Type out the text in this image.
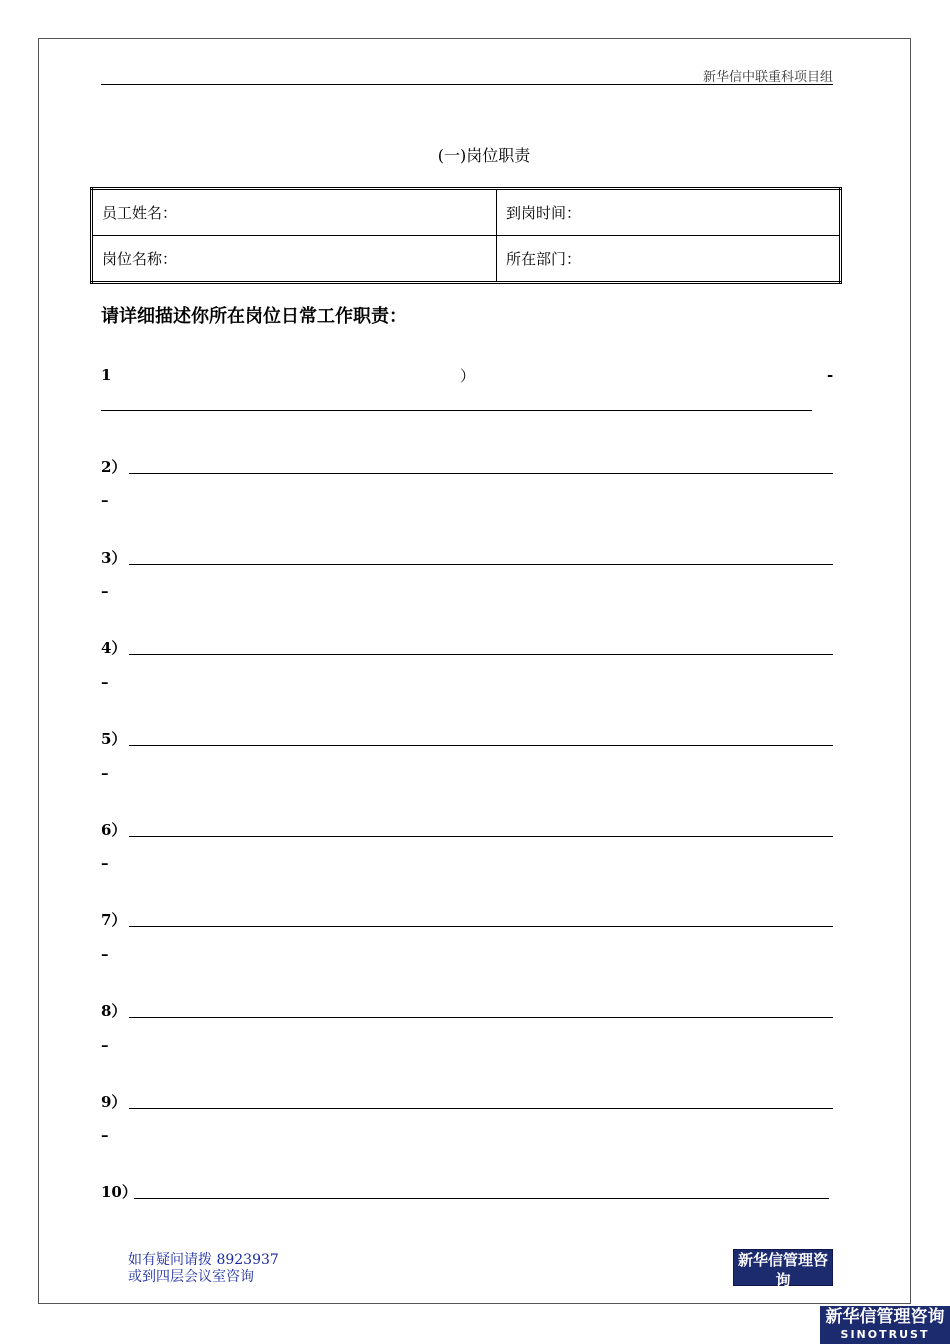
新华信中联重科项目组
(一)岗位职责
员工姓名：	到岗时间：
岗位名称：	所在部门：
请详细描述你所在岗位日常工作职责：
1	）	-
2）
–
3）
–
4）
–
5）
–
6）
–
7）
–
8）
–
9）
–
10）
如有疑问请拨 8923937
或到四层会议室咨询
新华信管理咨询
SINOTRUST
新华信管理咨询
SINOTRUST
